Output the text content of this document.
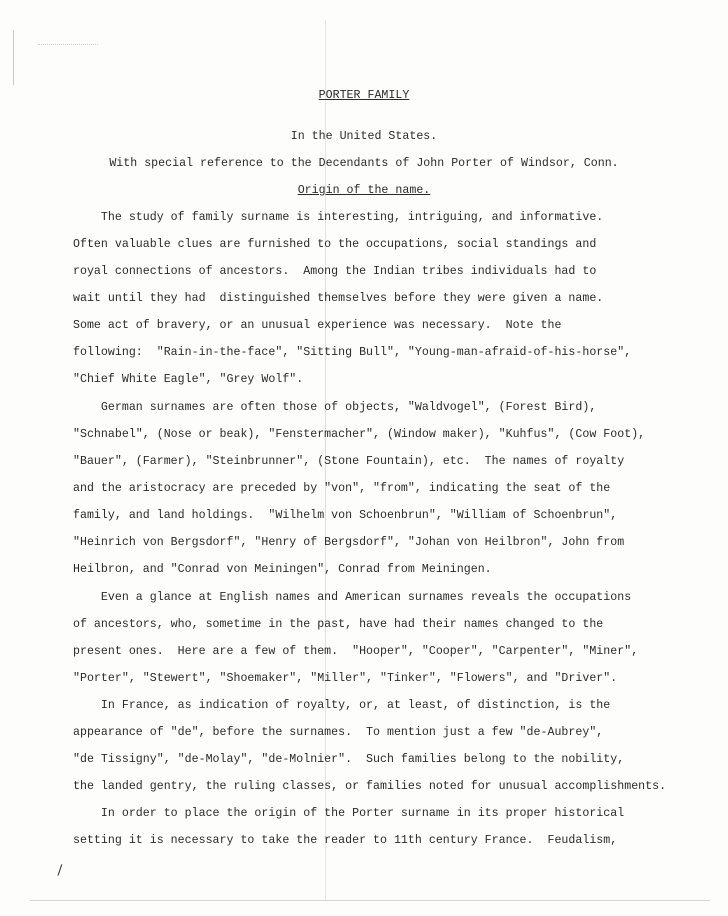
PORTER FAMILY
In the United States.
With special reference to the Decendants of John Porter of Windsor, Conn.
Origin of the name.
The study of family surname is interesting, intriguing, and informative.
Often valuable clues are furnished to the occupations, social standings and
royal connections of ancestors.  Among the Indian tribes individuals had to
wait until they had  distinguished themselves before they were given a name.
Some act of bravery, or an unusual experience was necessary.  Note the
following:  "Rain-in-the-face", "Sitting Bull", "Young-man-afraid-of-his-horse",
"Chief White Eagle", "Grey Wolf".
German surnames are often those of objects, "Waldvogel", (Forest Bird),
"Schnabel", (Nose or beak), "Fenstermacher", (Window maker), "Kuhfus", (Cow Foot),
"Bauer", (Farmer), "Steinbrunner", (Stone Fountain), etc.  The names of royalty
and the aristocracy are preceded by "von", "from", indicating the seat of the
family, and land holdings.  "Wilhelm von Schoenbrun", "William of Schoenbrun",
"Heinrich von Bergsdorf", "Henry of Bergsdorf", "Johan von Heilbron", John from
Heilbron, and "Conrad von Meiningen", Conrad from Meiningen.
Even a glance at English names and American surnames reveals the occupations
of ancestors, who, sometime in the past, have had their names changed to the
present ones.  Here are a few of them.  "Hooper", "Cooper", "Carpenter", "Miner",
"Porter", "Stewert", "Shoemaker", "Miller", "Tinker", "Flowers", and "Driver".
In France, as indication of royalty, or, at least, of distinction, is the
appearance of "de", before the surnames.  To mention just a few "de-Aubrey",
"de Tissigny", "de-Molay", "de-Molnier".  Such families belong to the nobility,
the landed gentry, the ruling classes, or families noted for unusual accomplishments.
In order to place the origin of the Porter surname in its proper historical
setting it is necessary to take the reader to 11th century France.  Feudalism,
/
